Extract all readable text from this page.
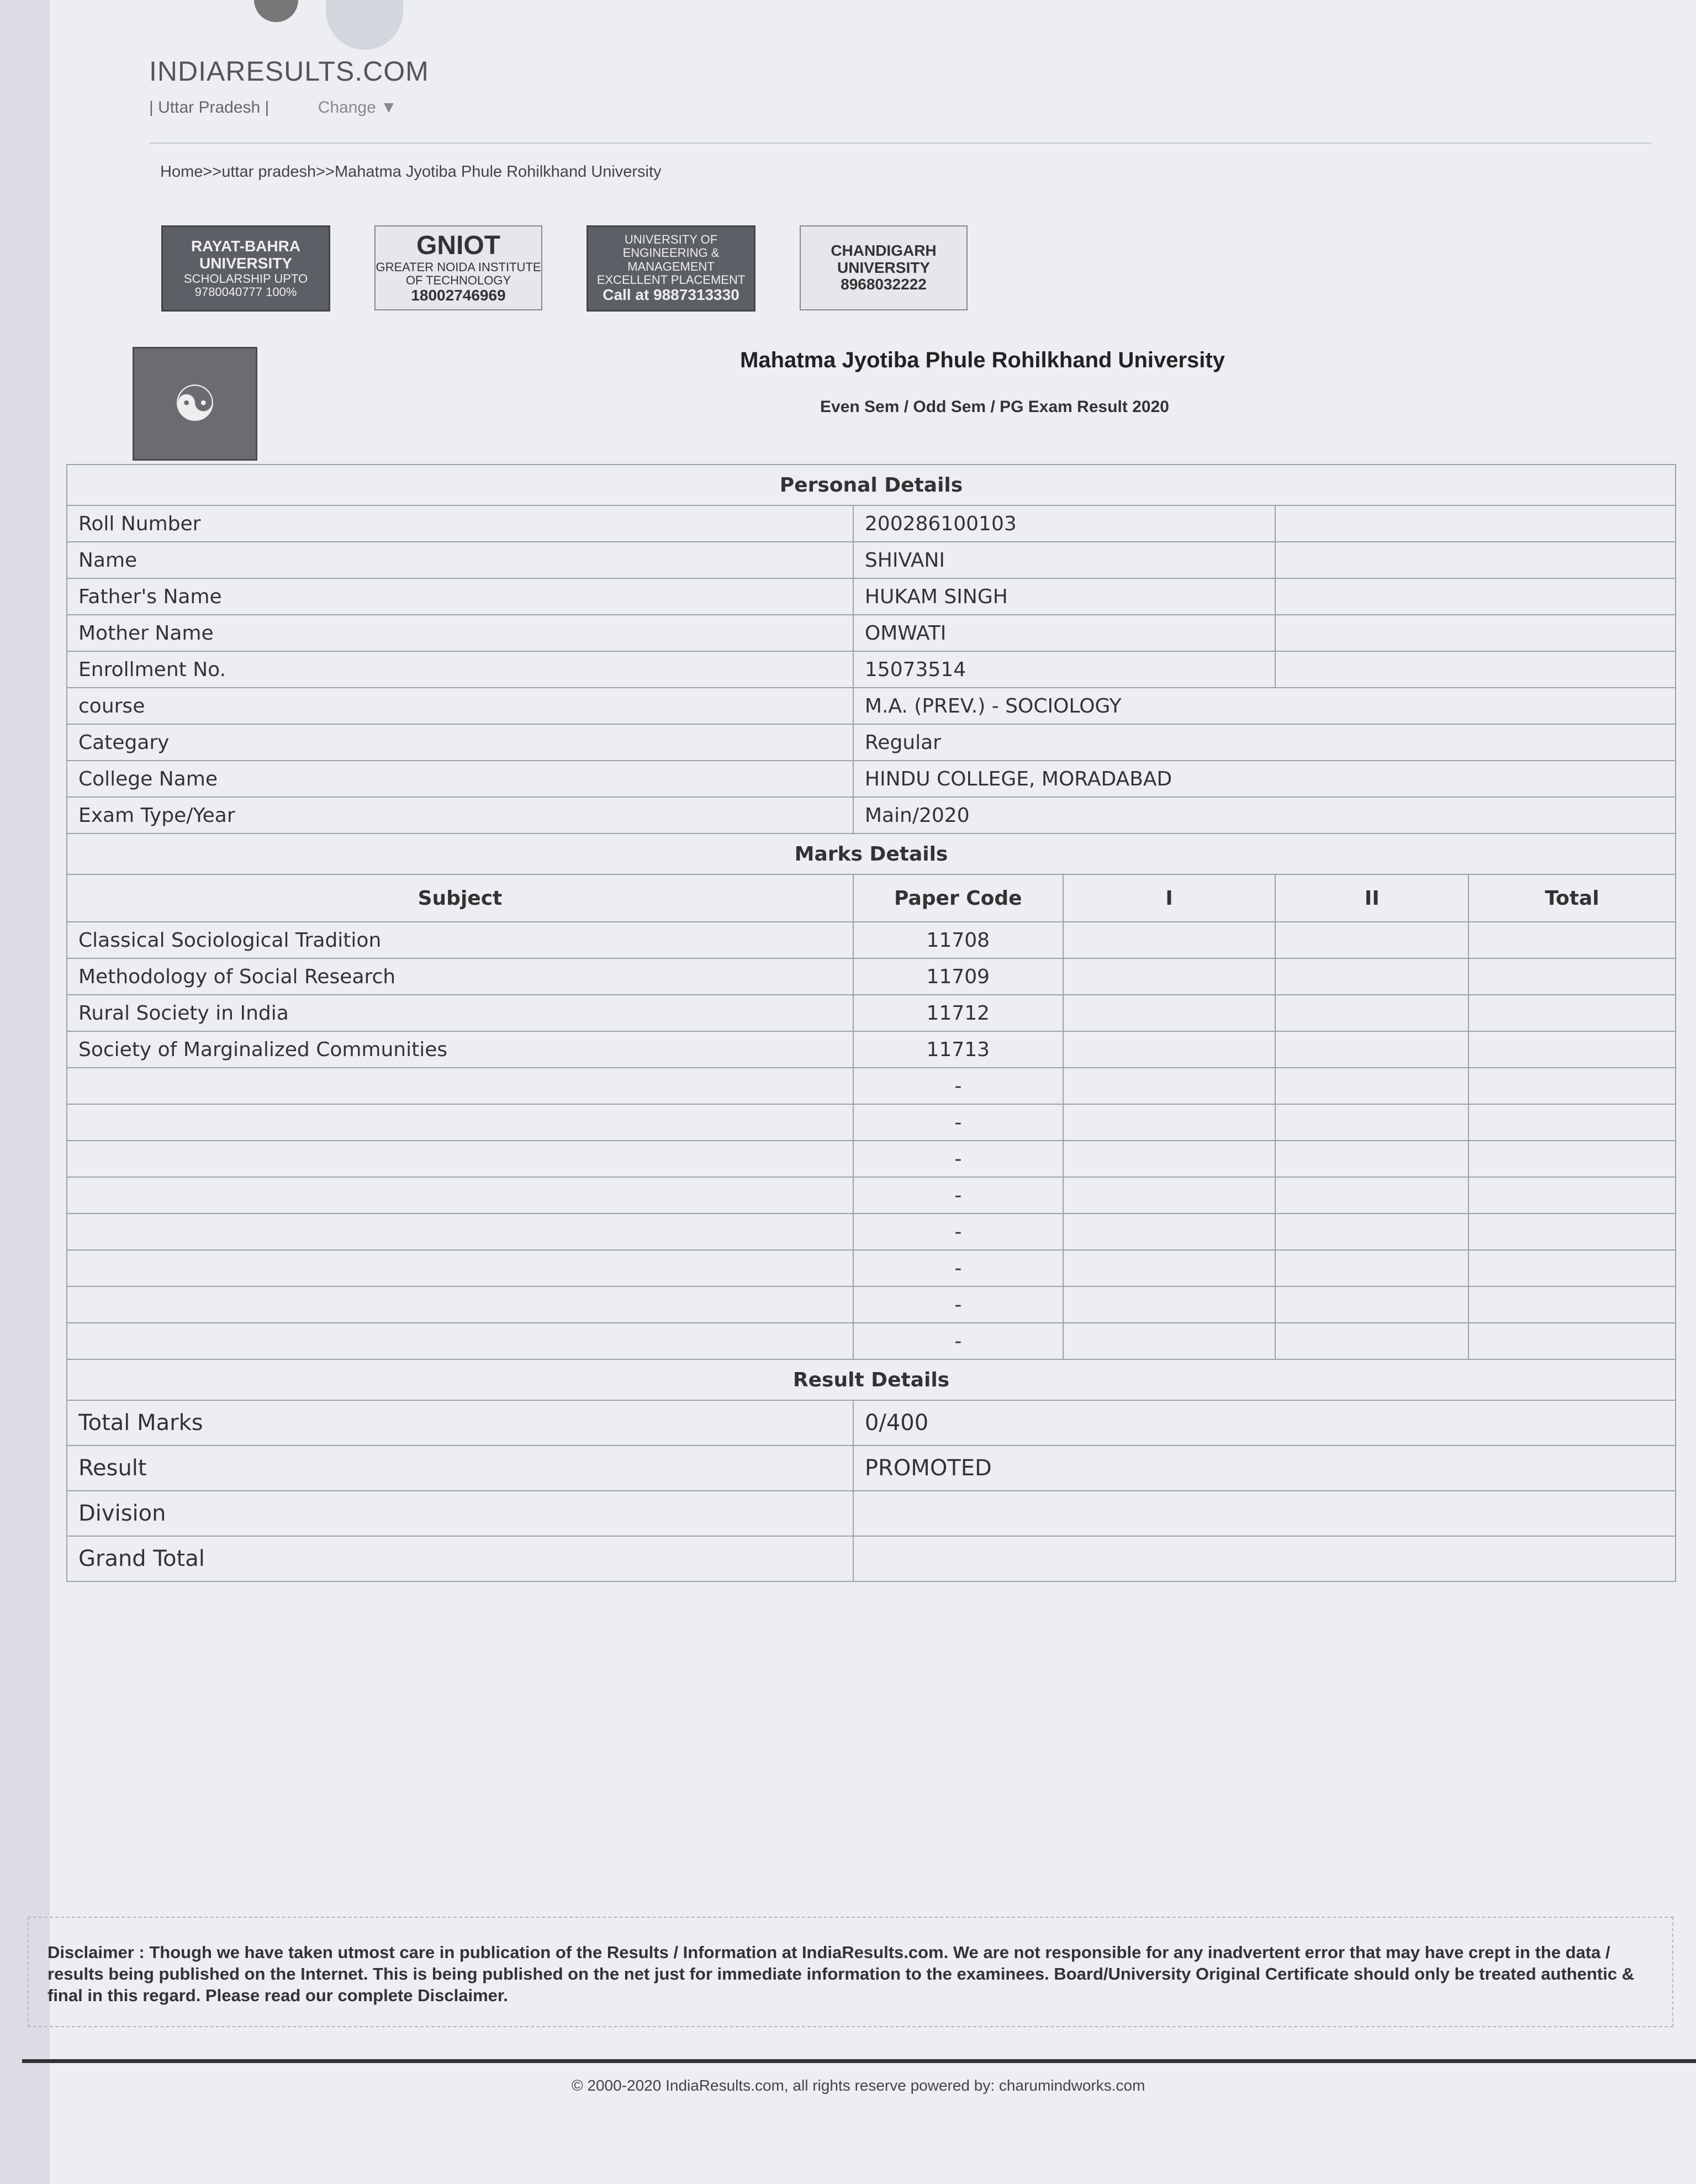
INDIARESULTS.COM
| Uttar Pradesh |	Change ▼
Home>>uttar pradesh>>Mahatma Jyotiba Phule Rohilkhand University
RAYAT-BAHRA
UNIVERSITY
SCHOLARSHIP UPTO
9780040777 100%
GNIOT
GREATER NOIDA INSTITUTE OF TECHNOLOGY
18002746969
UNIVERSITY OF ENGINEERING & MANAGEMENT
EXCELLENT PLACEMENT
Call at 9887313330
CHANDIGARH
UNIVERSITY
8968032222
☯
Mahatma Jyotiba Phule Rohilkhand University
Even Sem / Odd Sem / PG Exam Result 2020
Personal Details				
Roll Number	200286100103			
Name	SHIVANI			
Father's Name	HUKAM SINGH			
Mother Name	OMWATI			
Enrollment No.	15073514			
course	M.A. (PREV.) - SOCIOLOGY			
Categary	Regular			
College Name	HINDU COLLEGE, MORADABAD			
Exam Type/Year	Main/2020			
Marks Details				
Subject	Paper Code	I	II	Total
Classical Sociological Tradition	11708			
Methodology of Social Research	11709			
Rural Society in India	11712			
Society of Marginalized Communities	11713			
	-			
	-			
	-			
	-			
	-			
	-			
	-			
	-			
Result Details				
Total Marks	0/400			
Result	PROMOTED			
Division				
Grand Total				
Disclaimer : Though we have taken utmost care in publication of the Results / Information at IndiaResults.com. We are not responsible for any inadvertent error that may have crept in the data / results being published on the Internet. This is being published on the net just for immediate information to the examinees. Board/University Original Certificate should only be treated authentic & final in this regard. Please read our complete Disclaimer.
© 2000-2020 IndiaResults.com, all rights reserve powered by: charumindworks.com
